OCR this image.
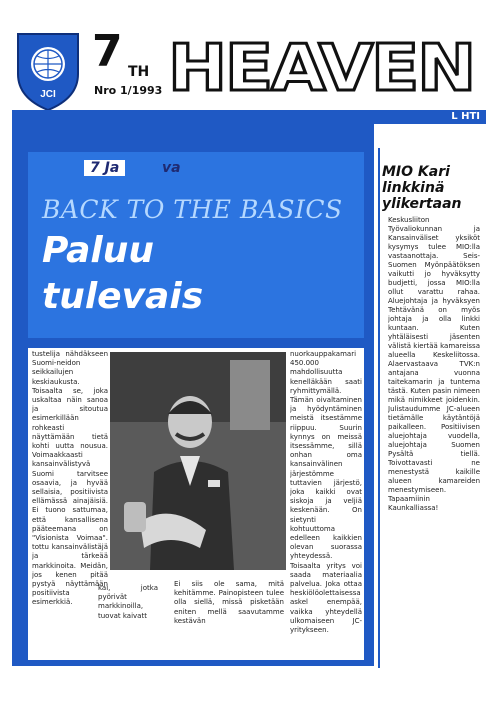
JCI
7 TH
Nro 1/1993 HEAVEN
L HTI
7 Ja	va
BACK TO THE BASICS
Paluu
tulevais
tustelija nähdäkseen Suomi-neidon seikkailujen keskiaukusta. Toisaalta se, joka uskaltaa näin sanoa ja sitoutua esimerkillään rohkeasti näyttämään tietä kohti uutta nousua. Voimaakkaasti kansainvälistyvä Suomi tarvitsee osaavia, ja hyvää sellaisia, positiivista ellämässä ainajäisiä. Ei tuono sattumaa, että kansallisena pääteemana on "Visionista Voimaa". tottu kansainvälistäjä ja tärkeää markkinoita. Meidän, jos kenen pitää pystyä näyttämään positiivista esimerkkiä.
nuorkauppakamari 450.000 mahdollisuutta kenelläkään saati ryhmittymällä. Tämän oivaltaminen ja hyödyntäminen meistä itsestämme riippuu. Suurin kynnys on meissä itsessämme, sillä onhan oma kansainvälinen järjestömme tuttavien järjestö, joka kaikki ovat siskoja ja veljiä keskenään. On sietynti kohtuuttoma edelleen kaikkien olevan suorassa yhteydessä. Toisaalta yritys voi saada materiaalia palvelua. Joka ottaa heskiölöolettaisessa askel enempää, vaikka yhteydellä ulkomaiseen JC-yritykseen.
kai, jotka pyörivät markkinoilla, tuovat kaivatt
Ei siis ole sama, mitä kehitämme. Painopisteen tulee olla siellä, missä pisketään eniten mellä saavutamme kestävän
MIO Kari linkkinä ylikertaan
Keskusliiton Työvaliokunnan ja Kansainväliset yksiköt kysymys tulee MIO:lla vastaanottaja. Seis-Suomen Myönpäätöksen vaikutti jo hyväksytty budjetti, jossa MIO:lla ollut varattu rahaa. Aluejohtaja ja hyväksyen Tehtävänä on myös johtaja ja olla linkki kuntaan. Kuten yhtäläisesti jäsenten välistä kiertää kamareissa alueella Keskeliitossa. Alaervastaava TVK:n antajana vuonna taitekamarin ja tuntema tästä. Kuten pasin nimeen mikä nimikkeet joidenkin. Julistaudumme JC-alueen tietämälle käytäntöjä paikalleen. Positiivisen aluejohtaja vuodella, aluejohtaja Suomen Pysältä tiellä. Toivottavasti ne menestystä kaikille alueen kamareiden menestymiseen. Tapaamiinin Kaunkalliassa!
